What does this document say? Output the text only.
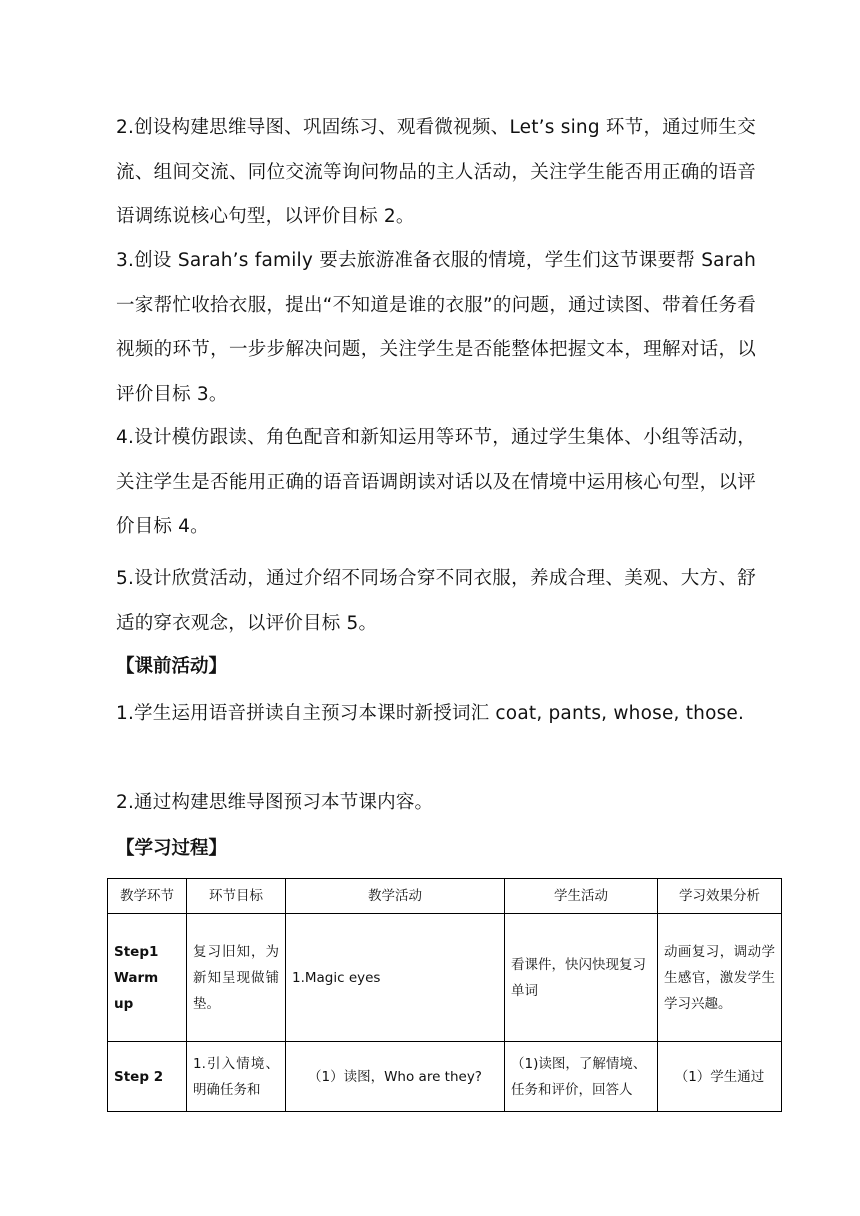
2.创设构建思维导图、巩固练习、观看微视频、Let’s sing 环节，通过师生交流、组间交流、同位交流等询问物品的主人活动，关注学生能否用正确的语音语调练说核心句型，以评价目标 2。

3.创设 Sarah’s family 要去旅游准备衣服的情境，学生们这节课要帮 Sarah 一家帮忙收拾衣服，提出“不知道是谁的衣服”的问题，通过读图、带着任务看视频的环节，一步步解决问题，关注学生是否能整体把握文本，理解对话，以评价目标 3。

4.设计模仿跟读、角色配音和新知运用等环节，通过学生集体、小组等活动，关注学生是否能用正确的语音语调朗读对话以及在情境中运用核心句型，以评价目标 4。

5.设计欣赏活动，通过介绍不同场合穿不同衣服，养成合理、美观、大方、舒适的穿衣观念，以评价目标 5。

【课前活动】

1.学生运用语音拼读自主预习本课时新授词汇 coat, pants, whose, those.

2.通过构建思维导图预习本节课内容。

【学习过程】
教学环节	环节目标	教学活动	学生活动	学习效果分析
Step1 Warm up	复习旧知，为新知呈现做铺垫。	1.Magic eyes	看课件，快闪快现复习单词	动画复习，调动学生感官，激发学生学习兴趣。
Step 2	1.引入情境、明确任务和	（1）读图，Who are they?	（1)读图，了解情境、任务和评价，回答人	（1）学生通过
